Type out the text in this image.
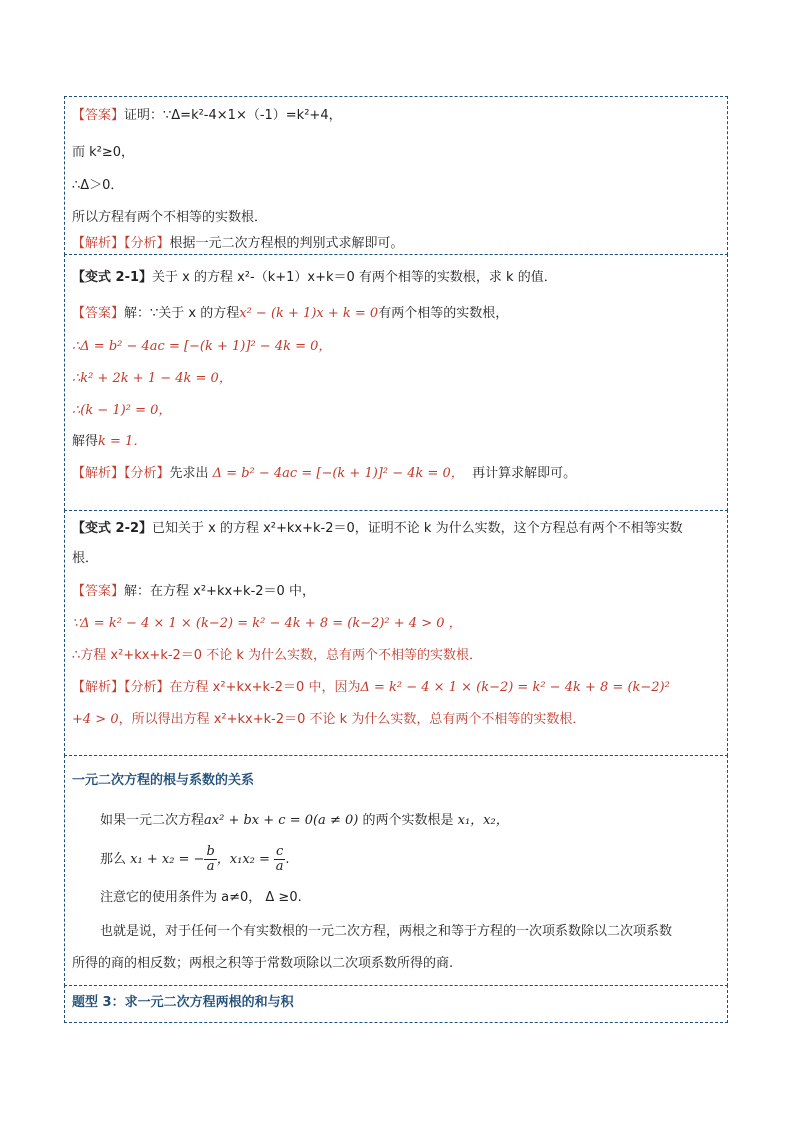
【答案】证明：∵Δ=k²-4×1×（-1）=k²+4，
而 k²≥0，
∴Δ＞0．
所以方程有两个不相等的实数根．
【解析】【分析】根据一元二次方程根的判别式求解即可。
【变式 2-1】关于 x 的方程 x²-（k+1）x+k＝0 有两个相等的实数根，求 k 的值．
【答案】解：∵关于 x 的方程x² − (k + 1)x + k = 0有两个相等的实数根，
∴Δ = b² − 4ac = [−(k + 1)]² − 4k = 0，
∴k² + 2k + 1 − 4k = 0，
∴(k − 1)² = 0，
解得k = 1．
【解析】【分析】先求出 Δ = b² − 4ac = [−(k + 1)]² − 4k = 0， 再计算求解即可。
【变式 2-2】已知关于 x 的方程 x²+kx+k-2＝0，证明不论 k 为什么实数，这个方程总有两个不相等实数
根．
【答案】解：在方程 x²+kx+k-2＝0 中，
∵Δ = k² − 4 × 1 × (k−2) = k² − 4k + 8 = (k−2)² + 4 > 0 ，
∴方程 x²+kx+k-2＝0 不论 k 为什么实数，总有两个不相等的实数根．
【解析】【分析】在方程 x²+kx+k-2＝0 中，因为Δ = k² − 4 × 1 × (k−2) = k² − 4k + 8 = (k−2)²
+4 > 0，所以得出方程 x²+kx+k-2＝0 不论 k 为什么实数，总有两个不相等的实数根．
一元二次方程的根与系数的关系
如果一元二次方程ax² + bx + c = 0(a ≠ 0) 的两个实数根是 x₁，x₂，
那么 x₁ + x₂ = − $\frac{b}{a}$ ，$x_1x_2 = \frac{c}{a}$ .
注意它的使用条件为 a≠0， Δ ≥0.
也就是说，对于任何一个有实数根的一元二次方程，两根之和等于方程的一次项系数除以二次项系数
所得的商的相反数；两根之积等于常数项除以二次项系数所得的商.
题型 3：求一元二次方程两根的和与积
